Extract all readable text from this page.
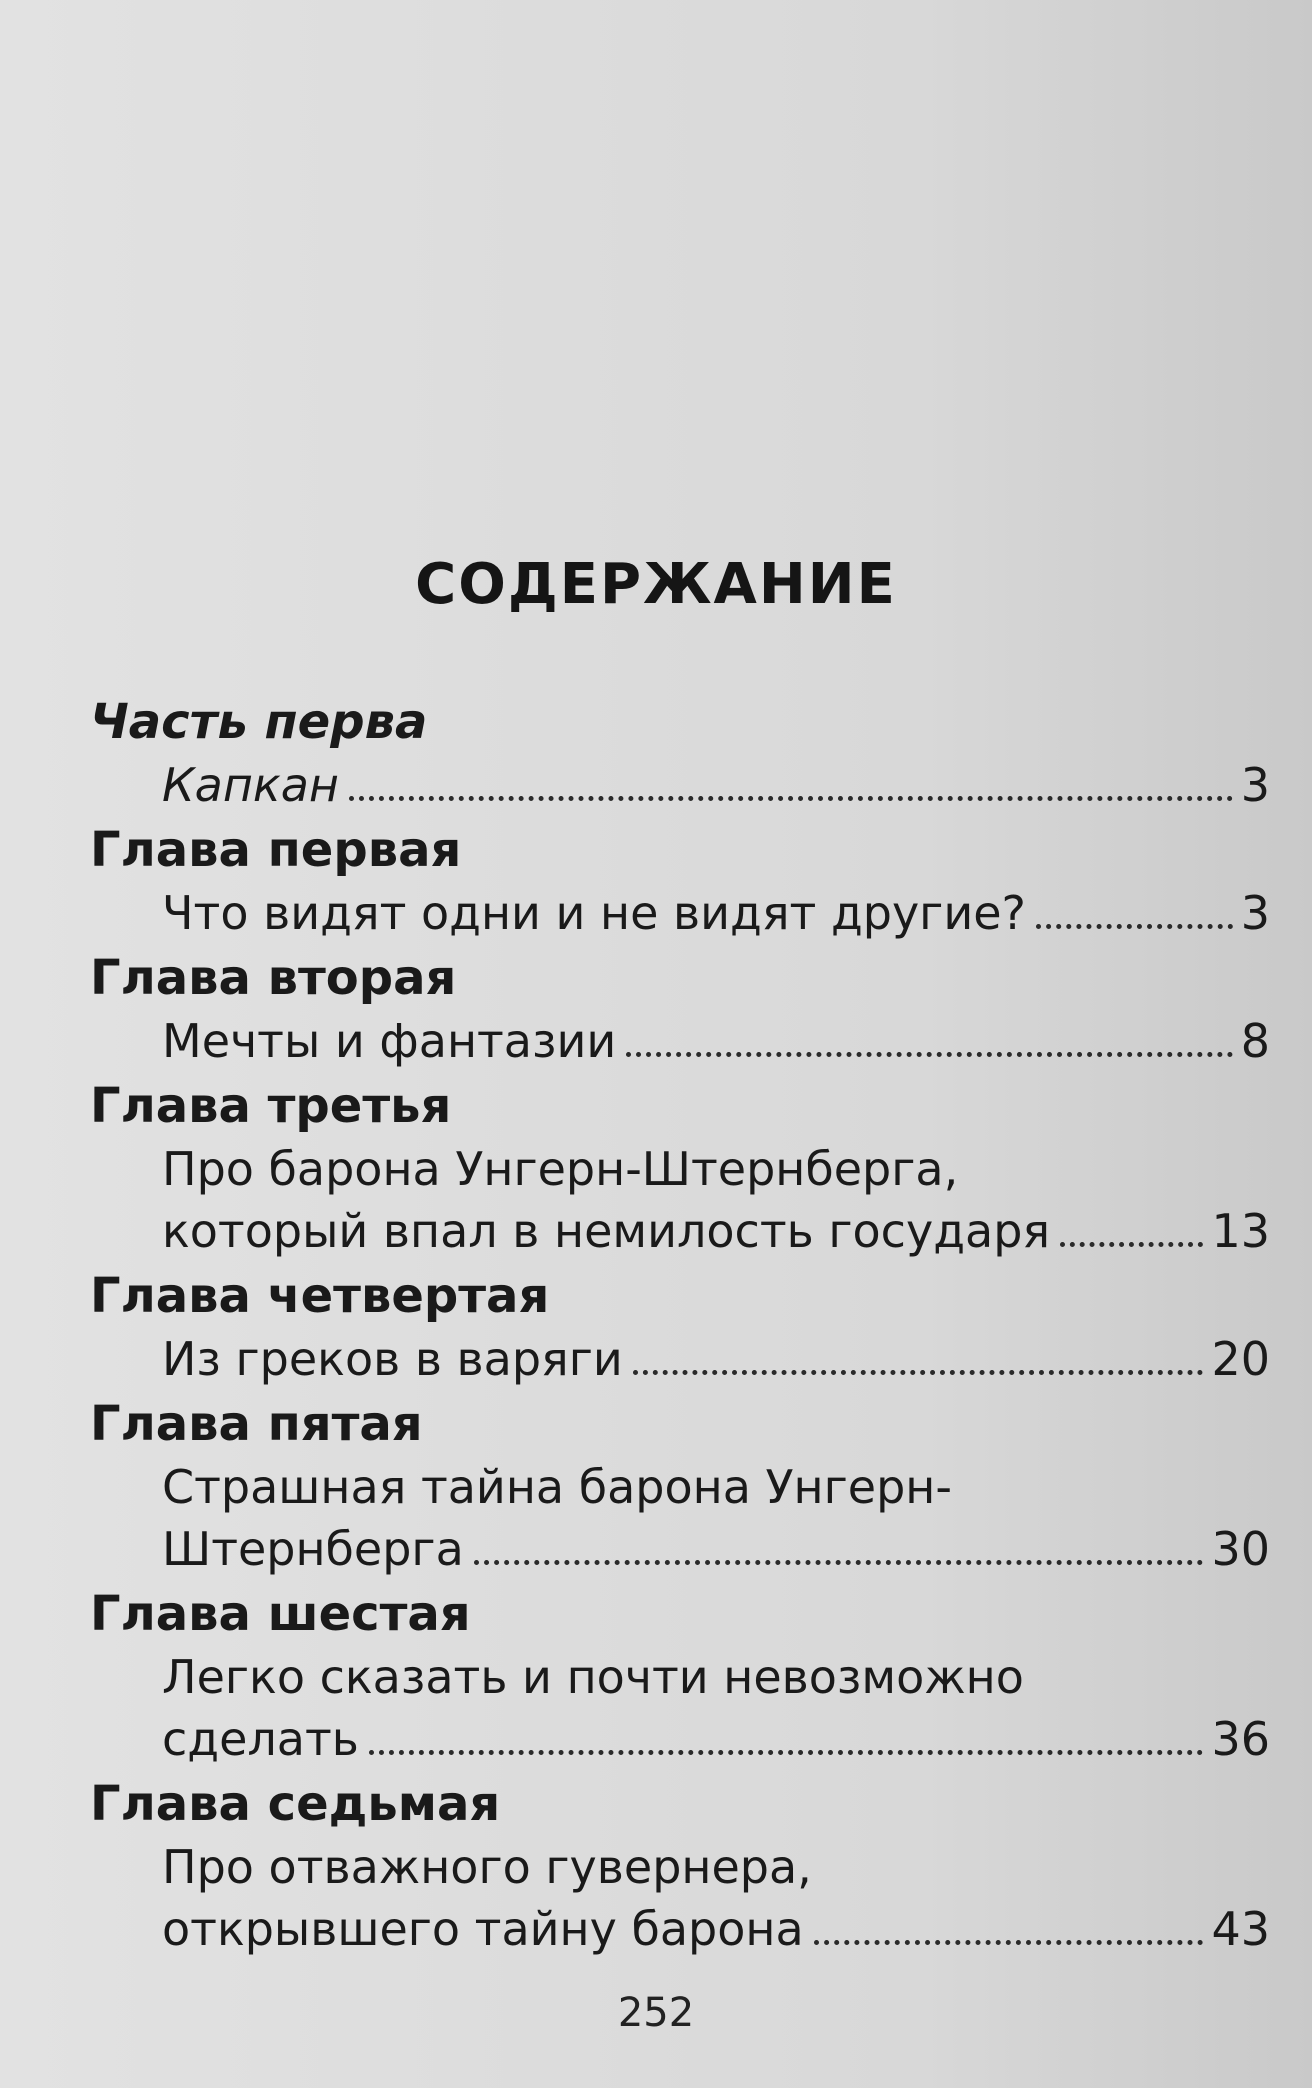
СОДЕРЖАНИЕ
Часть перва
Капкан	3
Глава первая
Что видят одни и не видят другие?	3
Глава вторая
Мечты и фантазии	8
Глава третья
Про барона Унгерн-Штернберга,
который впал в немилость государя	13
Глава четвертая
Из греков в варяги	20
Глава пятая
Страшная тайна барона Унгерн-
Штернберга	30
Глава шестая
Легко сказать и почти невозможно
сделать	36
Глава седьмая
Про отважного гувернера,
открывшего тайну барона	43
252
